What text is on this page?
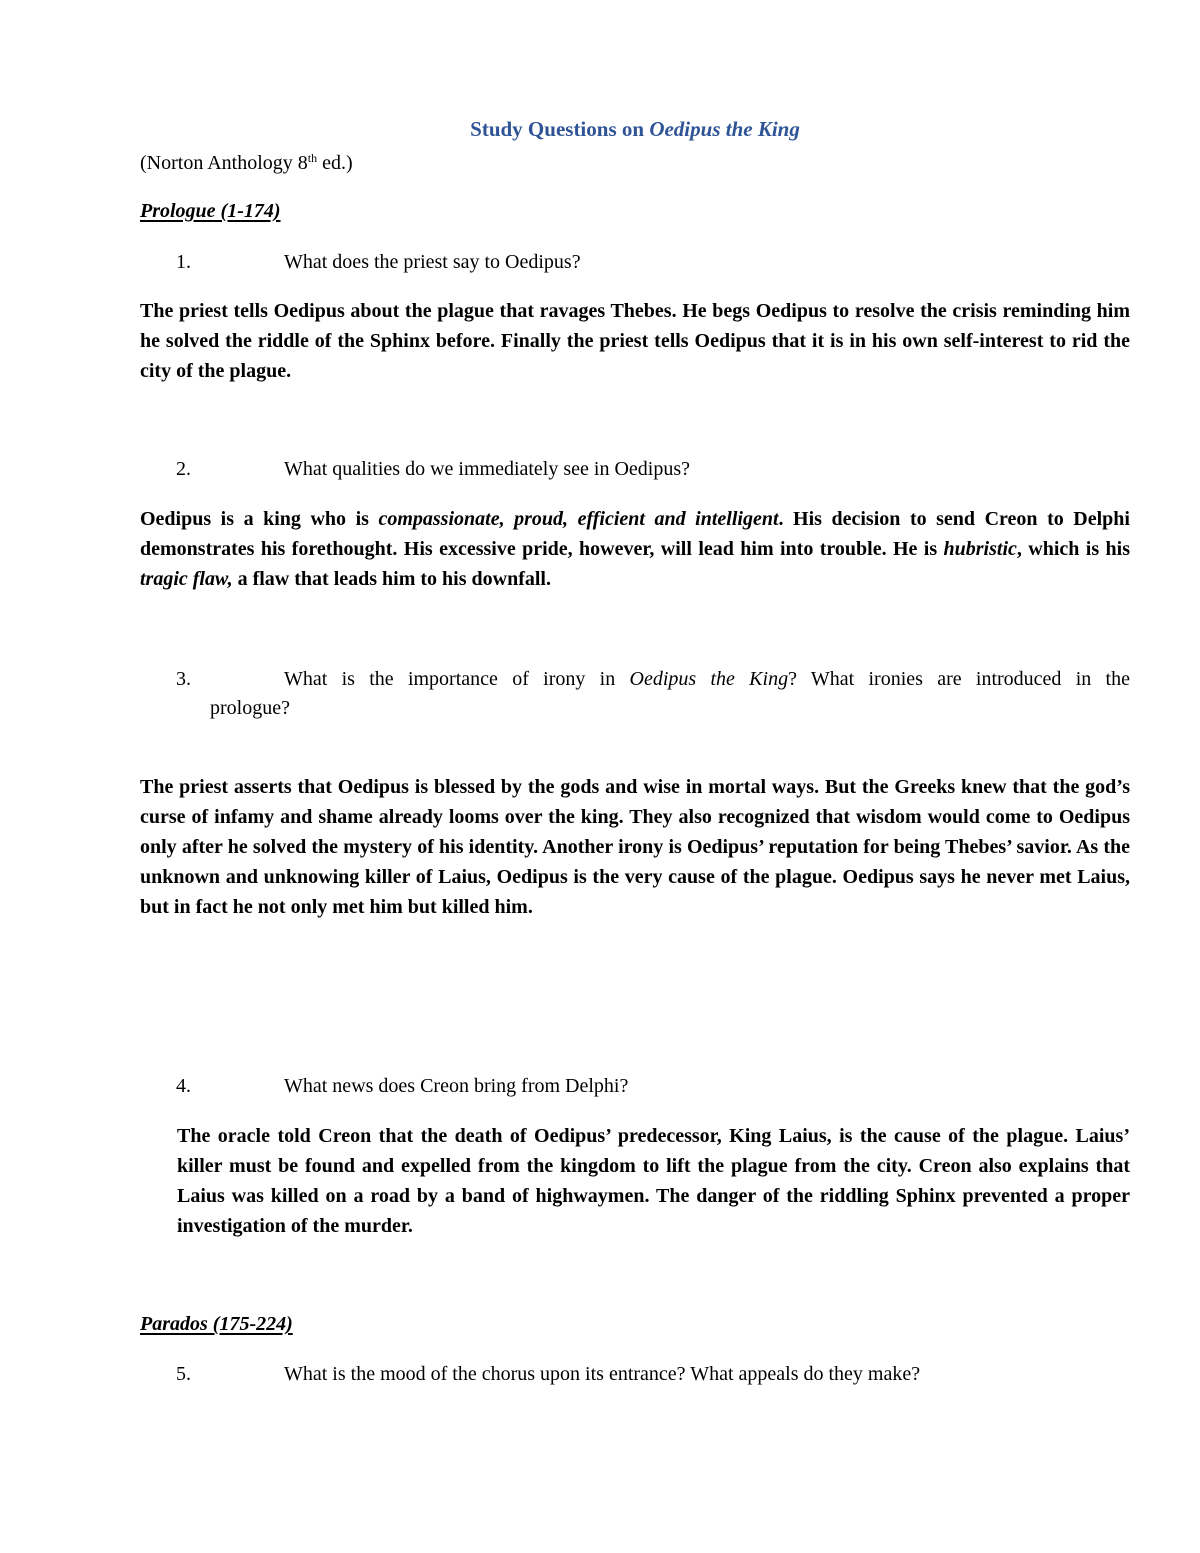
Study Questions on Oedipus the King
(Norton Anthology 8th ed.)
Prologue (1-174)
1.	What does the priest say to Oedipus?
The priest tells Oedipus about the plague that ravages Thebes. He begs Oedipus to resolve the crisis reminding him he solved the riddle of the Sphinx before. Finally the priest tells Oedipus that it is in his own self-interest to rid the city of the plague.
2.	What qualities do we immediately see in Oedipus?
Oedipus is a king who is compassionate, proud, efficient and intelligent. His decision to send Creon to Delphi demonstrates his forethought. His excessive pride, however, will lead him into trouble. He is hubristic, which is his tragic flaw, a flaw that leads him to his downfall.
3.	What is the importance of irony in Oedipus the King? What ironies are introduced in the
prologue?
The priest asserts that Oedipus is blessed by the gods and wise in mortal ways. But the Greeks knew that the god’s curse of infamy and shame already looms over the king. They also recognized that wisdom would come to Oedipus only after he solved the mystery of his identity. Another irony is Oedipus’ reputation for being Thebes’ savior. As the unknown and unknowing killer of Laius, Oedipus is the very cause of the plague. Oedipus says he never met Laius, but in fact he not only met him but killed him.
4.	What news does Creon bring from Delphi?
The oracle told Creon that the death of Oedipus’ predecessor, King Laius, is the cause of the plague. Laius’ killer must be found and expelled from the kingdom to lift the plague from the city. Creon also explains that Laius was killed on a road by a band of highwaymen. The danger of the riddling Sphinx prevented a proper investigation of the murder.
Parados (175-224)
5.	What is the mood of the chorus upon its entrance? What appeals do they make?
